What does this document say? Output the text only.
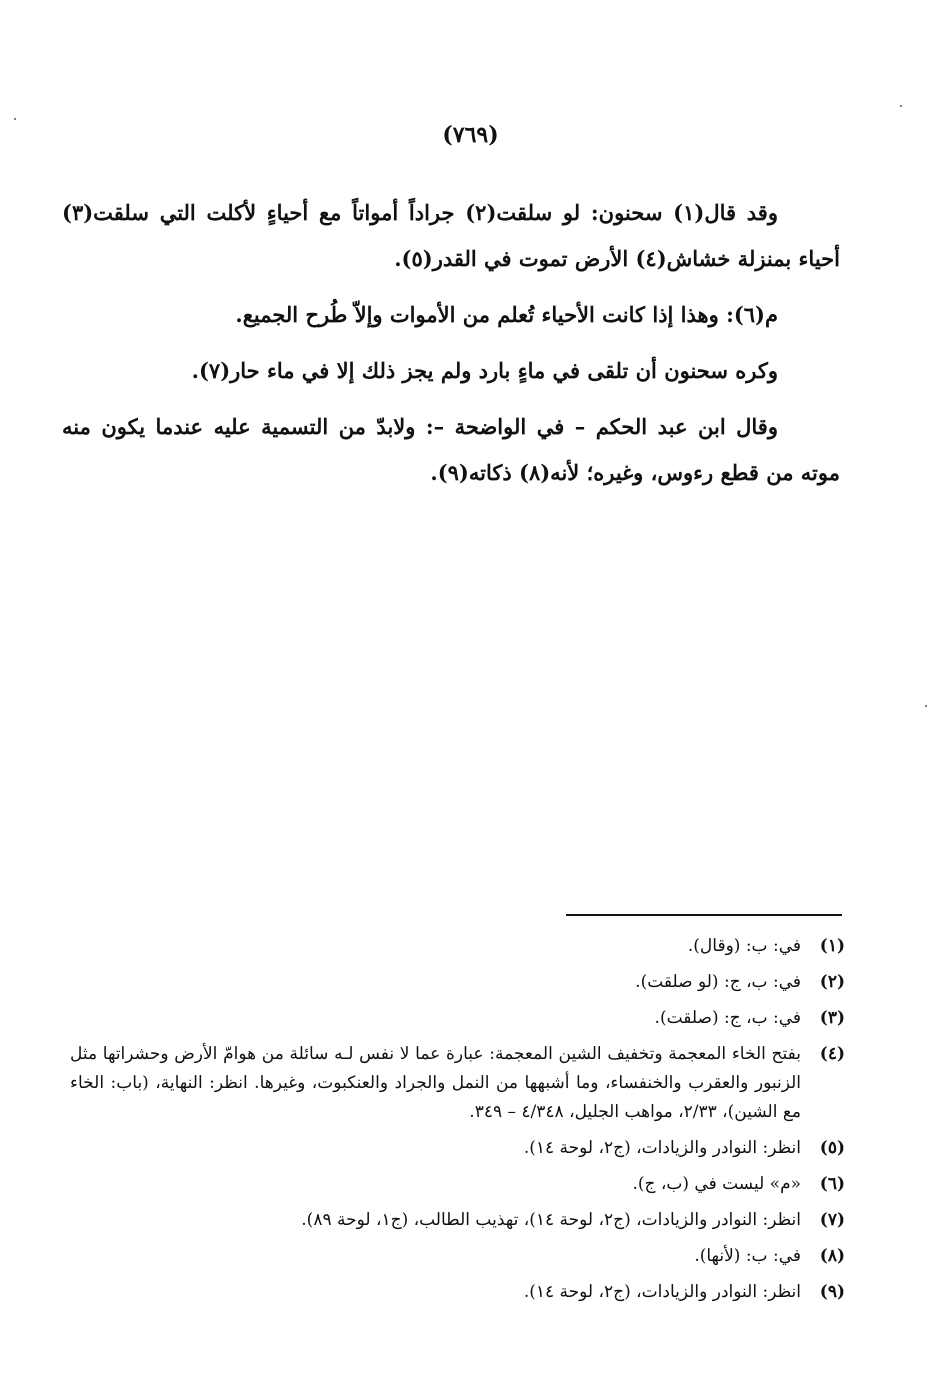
(٧٦٩)

وقد قال(١) سحنون: لو سلقت(٢) جراداً أمواتاً مع أحياءٍ لأكلت التي سلقت(٣) أحياء بمنزلة خشاش(٤) الأرض تموت في القدر(٥).

م(٦): وهذا إذا كانت الأحياء تُعلم من الأموات وإلاّ طُرح الجميع.

وكره سحنون أن تلقى في ماءٍ بارد ولم يجز ذلك إلا في ماء حار(٧).

وقال ابن عبد الحكم – في الواضحة –: ولابدّ من التسمية عليه عندما يكون منه موته من قطع رءوس، وغيره؛ لأنه(٨) ذكاته(٩).

(١)
في: ب: (وقال).
(٢)
في: ب، ج: (لو صلقت).
(٣)
في: ب، ج: (صلقت).
(٤)
بفتح الخاء المعجمة وتخفيف الشين المعجمة: عبارة عما لا نفس لـه سائلة من هوامّ الأرض وحشراتها مثل الزنبور والعقرب والخنفساء، وما أشبهها من النمل والجراد والعنكبوت، وغيرها. انظر: النهاية، (باب: الخاء مع الشين)، ٢/٣٣، مواهب الجليل، ٤/٣٤٨ – ٣٤٩.
(٥)
انظر: النوادر والزيادات، (ج٢، لوحة ١٤).
(٦)
«م» ليست في (ب، ج).
(٧)
انظر: النوادر والزيادات، (ج٢، لوحة ١٤)، تهذيب الطالب، (ج١، لوحة ٨٩).
(٨)
في: ب: (لأنها).
(٩)
انظر: النوادر والزيادات، (ج٢، لوحة ١٤).
